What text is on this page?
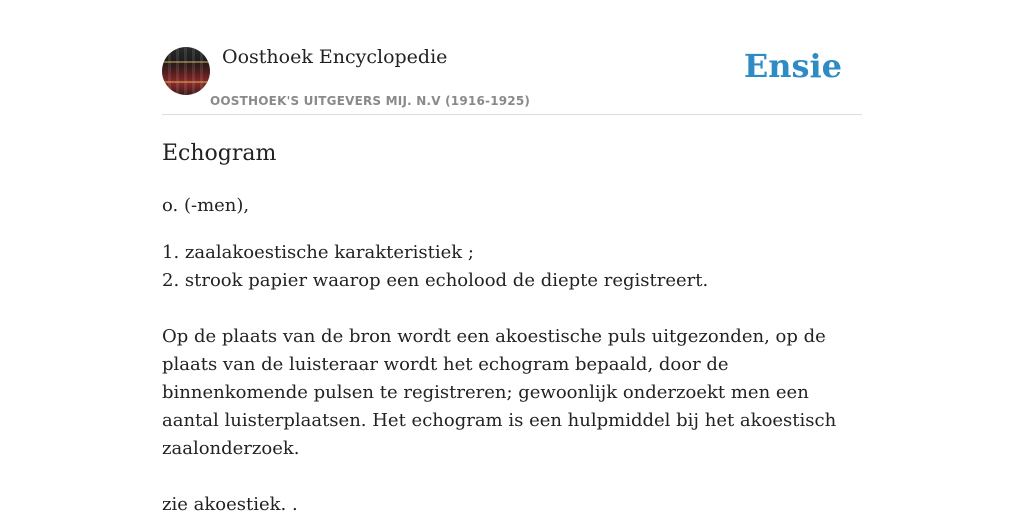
Oosthoek Encyclopedie
OOSTHOEK'S UITGEVERS MIJ. N.V (1916-1925)
Ensie
Echogram

o. (-men),

1. zaalakoestische karakteristiek ;

2. strook papier waarop een echolood de diepte registreert.

Op de plaats van de bron wordt een akoestische puls uitgezonden, op de plaats van de luisteraar wordt het echogram bepaald, door de binnenkomende pulsen te registreren; gewoonlijk onderzoekt men een aantal luisterplaatsen. Het echogram is een hulpmiddel bij het akoestisch zaalonderzoek.

zie akoestiek. .
